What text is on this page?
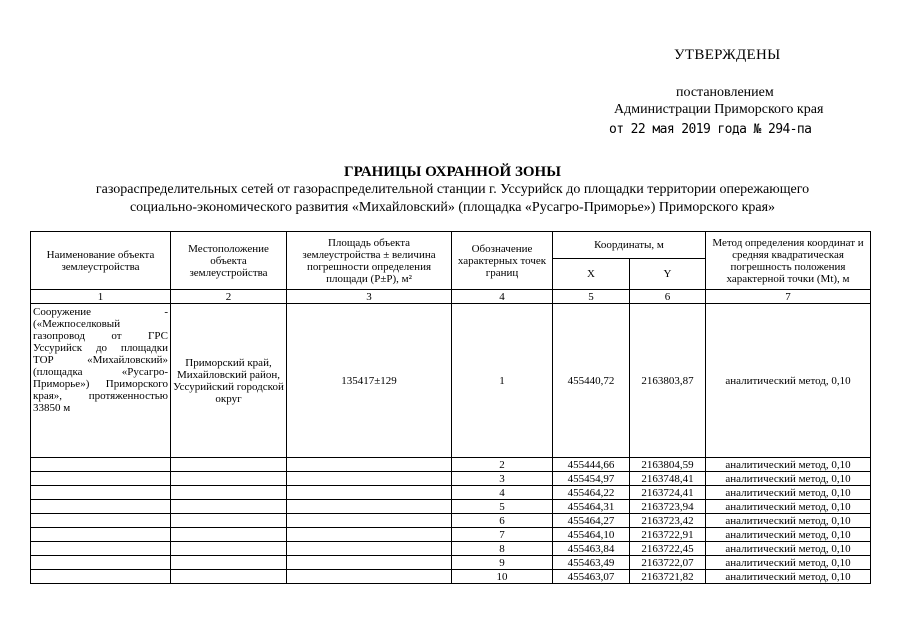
УТВЕРЖДЕНЫ
постановлением
Администрации Приморского края
от 22 мая 2019 года № 294-па
ГРАНИЦЫ ОХРАННОЙ ЗОНЫ
газораспределительных сетей от газораспределительной станции г. Уссурийск до площадки территории опережающего
социально-экономического развития «Михайловский» (площадка «Русагро-Приморье») Приморского края»
Наименование объекта землеустройства	Местоположение объекта землеустройства	Площадь объекта землеустройства ± величина погрешности определения площади (P±P), м²	Обозначение характерных точек границ	Координаты, м		Метод определения координат и средняя квадратическая погрешность положения характерной точки (Mt), м
				X	Y	
1	2	3	4	5	6	7
Сооружение - («Межпоселковый газопровод от ГРС Уссурийск до площадки ТОР «Михайловский» (площадка «Русагро-Приморье») Приморского края», протяженностью 33850 м	Приморский край, Михайловский район, Уссурийский городской округ	135417±129	1	455440,72	2163803,87	аналитический метод, 0,10
			2	455444,66	2163804,59	аналитический метод, 0,10
			3	455454,97	2163748,41	аналитический метод, 0,10
			4	455464,22	2163724,41	аналитический метод, 0,10
			5	455464,31	2163723,94	аналитический метод, 0,10
			6	455464,27	2163723,42	аналитический метод, 0,10
			7	455464,10	2163722,91	аналитический метод, 0,10
			8	455463,84	2163722,45	аналитический метод, 0,10
			9	455463,49	2163722,07	аналитический метод, 0,10
			10	455463,07	2163721,82	аналитический метод, 0,10
